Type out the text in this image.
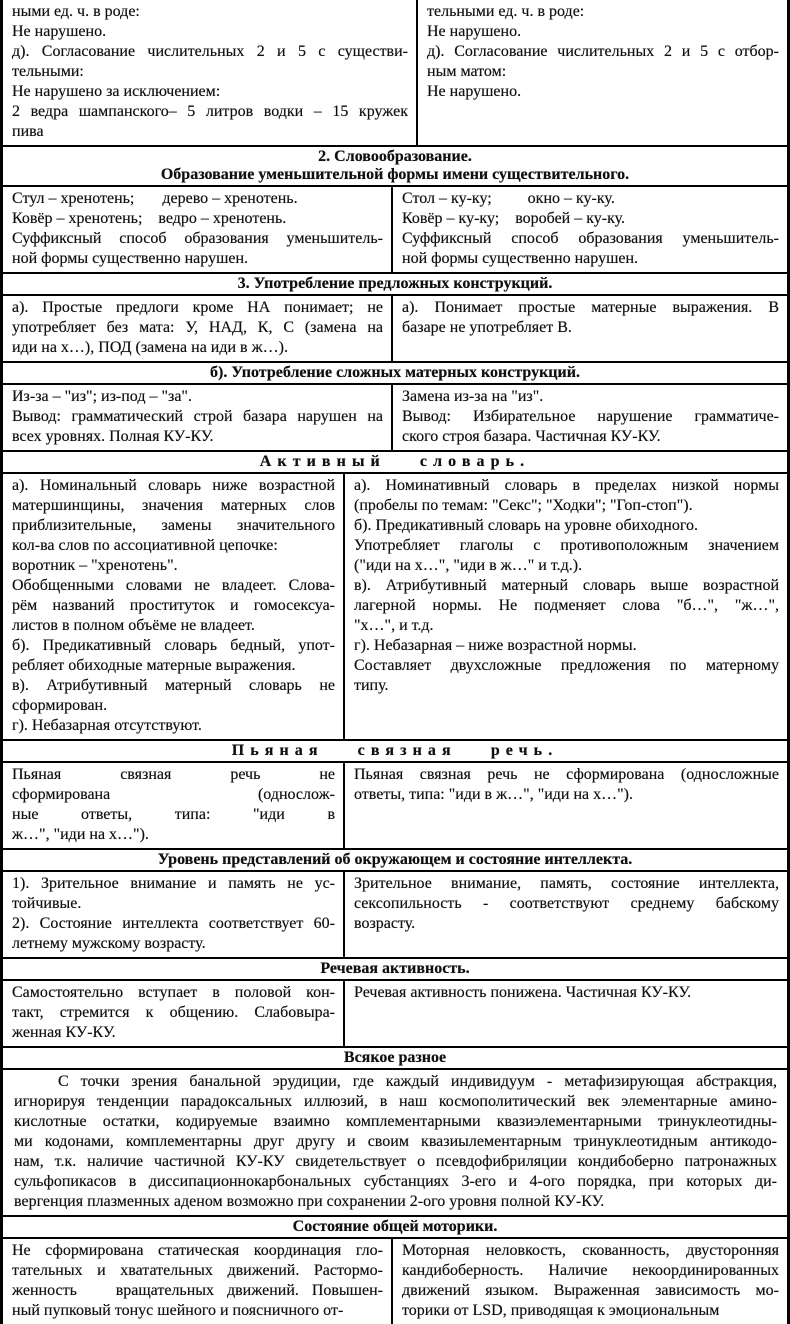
ными ед. ч. в роде:
Не нарушено.
д). Согласование числительных 2 и 5 с существи-
тельными:
Не нарушено за исключением:
2 ведра шампанского– 5 литров водки – 15 кружек
пива
тельными ед. ч. в роде:
Не нарушено.
д). Согласование числительных 2 и 5 с отбор-
ным матом:
Не нарушено.
2. Словообразование.
Образование уменьшительной формы имени существительного.
Стул – хренотень;       дерево – хренотень.
Ковёр – хренотень;    ведро – хренотень.
Суффиксный способ образования уменьшитель-
ной формы существенно нарушен.
Стол – ку-ку;         окно – ку-ку.
Ковёр – ку-ку;    воробей – ку-ку.
Суффиксный способ образования уменьшитель-
ной формы существенно нарушен.
3. Употребление предложных конструкций.
а). Простые предлоги кроме НА понимает; не
употребляет без мата: У, НАД, К, С (замена на
иди на х…), ПОД (замена на иди в ж…).
а). Понимает простые матерные выражения. В
базаре не употребляет В.
б). Употребление сложных матерных конструкций.
Из-за – "из"; из-под – "за".
Вывод: грамматический строй базара нарушен на
всех уровнях. Полная КУ-КУ.
Замена из-за на "из".
Вывод: Избирательное нарушение грамматиче-
ского строя базара. Частичная КУ-КУ.
Активный словарь.
а). Номинальный словарь ниже возрастной
матершинщины, значения матерных слов
приблизительные, замены значительного
кол-ва слов по ассоциативной цепочке:
воротник – "хренотень".
Обобщенными словами не владеет. Слова-
рём названий проституток и гомосексуа-
листов в полном объёме не владеет.
б). Предикативный словарь бедный, упот-
ребляет обиходные матерные выражения.
в). Атрибутивный матерный словарь не
сформирован.
г). Небазарная отсутствуют.
а). Номинативный словарь в пределах низкой нормы
(пробелы по темам: "Секс"; "Ходки"; "Гоп-стоп").
б). Предикативный словарь на уровне обиходного.
Употребляет глаголы с противоположным значением
("иди на х…", "иди в ж…" и т.д.).
в). Атрибутивный матерный словарь выше возрастной
лагерной нормы. Не подменяет слова "б…", "ж…",
"х…", и т.д.
г). Небазарная – ниже возрастной нормы.
Составляет двухсложные предложения по матерному
типу.
Пьяная связная речь.
Пьяная связная речь не
сформирована (однослож-
ные ответы, типа: "иди в
ж…", "иди на х…").
Пьяная связная речь не сформирована (односложные
ответы, типа: "иди в ж…", "иди на х…").
Уровень представлений об окружающем и состояние интеллекта.
1). Зрительное внимание и память не ус-
тойчивые.
2). Состояние интеллекта соответствует 60-
летнему мужскому возрасту.
Зрительное внимание, память, состояние интеллекта,
сексопильность - соответствуют среднему бабскому
возрасту.
Речевая активность.
Самостоятельно вступает в половой кон-
такт, стремится к общению. Слабовыра-
женная КУ-КУ.
Речевая активность понижена. Частичная КУ-КУ.
Всякое разное
С точки зрения банальной эрудиции, где каждый индивидуум - метафизирующая абстракция,
игнорируя тенденции парадоксальных иллюзий, в наш космополитический век элементарные амино-
кислотные остатки, кодируемые взаимно комплементарными квазиэлементарными тринуклеотидны-
ми кодонами, комплементарны друг другу и своим квазиылементарным тринуклеотидным антикодо-
нам, т.к. наличие частичной КУ-КУ свидетельствует о псевдофибриляции кондибоберно патронажных
сульфопикасов в диссипационнокарбональных субстанциях 3-его и 4-ого порядка, при которых ди-
вергенция плазменных аденом возможно при сохранении 2-ого уровня полной КУ-КУ.
Состояние общей моторики.
Не сформирована статическая координация гло-
тательных и хватательных движений. Растормо-
женность   вращательных движений. Повышен-
ный пупковый тонус шейного и поясничного от-
Моторная неловкость, скованность, двусторонняя
кандибоберность. Наличие некоординированных
движений языком. Выраженная зависимость мо-
торики от LSD, приводящая к эмоциональным
